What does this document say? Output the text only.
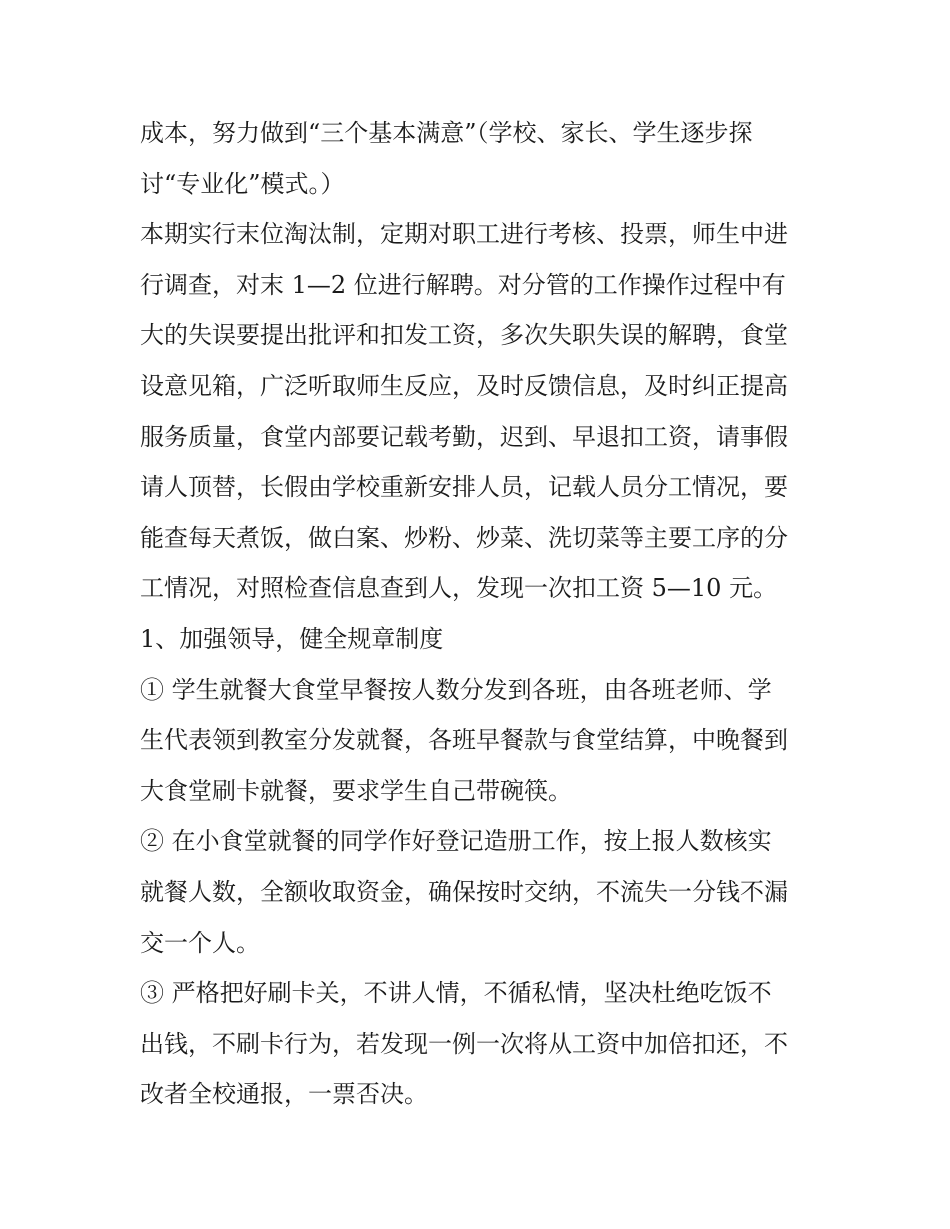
成本，努力做到“三个基本满意”（学校、家长、学生逐步探
讨“专业化”模式。）
本期实行末位淘汰制，定期对职工进行考核、投票，师生中进
行调查，对末 1—2 位进行解聘。对分管的工作操作过程中有
大的失误要提出批评和扣发工资，多次失职失误的解聘，食堂
设意见箱，广泛听取师生反应，及时反馈信息，及时纠正提高
服务质量，食堂内部要记载考勤，迟到、早退扣工资，请事假
请人顶替，长假由学校重新安排人员，记载人员分工情况，要
能查每天煮饭，做白案、炒粉、炒菜、洗切菜等主要工序的分
工情况，对照检查信息查到人，发现一次扣工资 5—10 元。
1、加强领导，健全规章制度
① 学生就餐大食堂早餐按人数分发到各班，由各班老师、学
生代表领到教室分发就餐，各班早餐款与食堂结算，中晚餐到
大食堂刷卡就餐，要求学生自己带碗筷。
② 在小食堂就餐的同学作好登记造册工作，按上报人数核实
就餐人数，全额收取资金，确保按时交纳，不流失一分钱不漏
交一个人。
③ 严格把好刷卡关，不讲人情，不循私情，坚决杜绝吃饭不
出钱，不刷卡行为，若发现一例一次将从工资中加倍扣还，不
改者全校通报，一票否决。
